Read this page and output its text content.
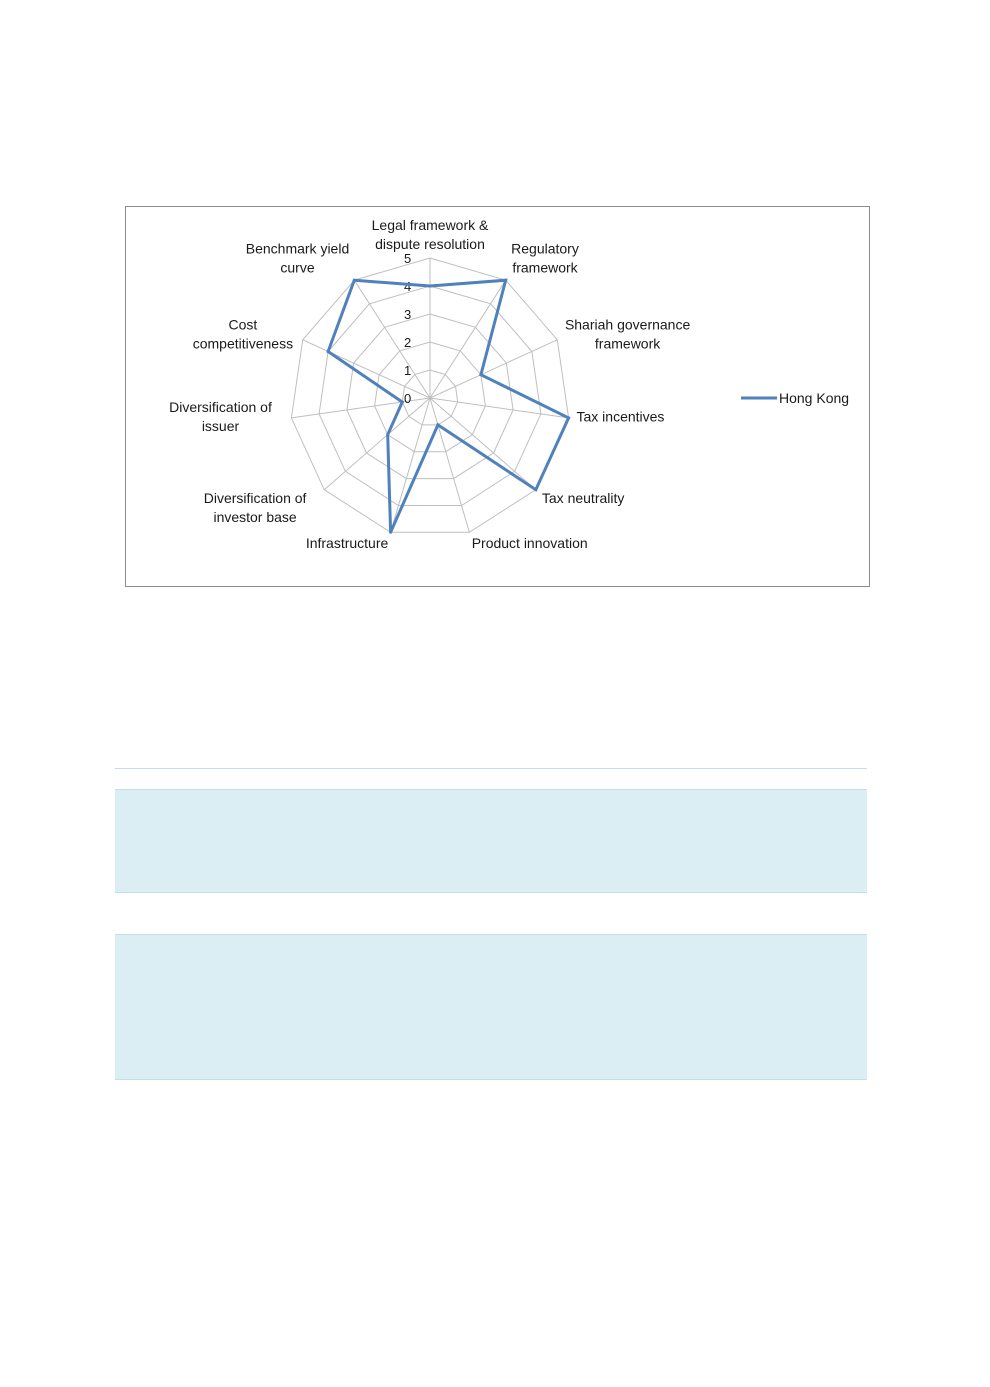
0
1
2
3
4
5
Legal framework & dispute resolution Regulatory framework
Shariah governance framework
Tax incentives
Tax neutrality
Product innovation
Infrastructure
Diversification of investor base
Diversification of issuer
Cost competitiveness
Benchmark yield curve
Hong Kong
